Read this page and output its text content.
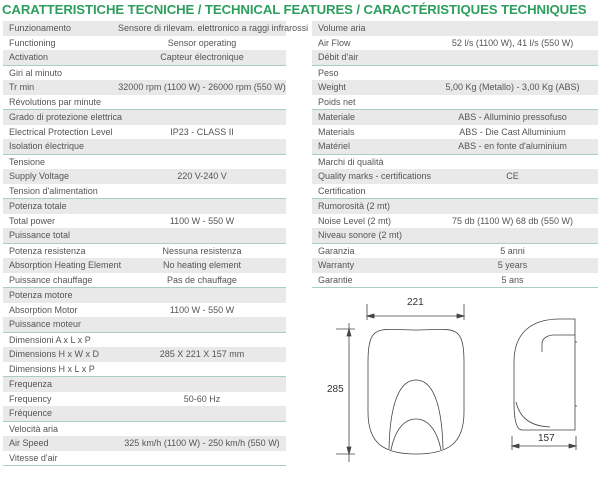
CARATTERISTICHE TECNICHE / TECHNICAL FEATURES / CARACTÉRISTIQUES TECHNIQUES
Funzionamento	Sensore di rilevam. elettronico a raggi infrarossi
Functioning	Sensor operating
Activation	Capteur électronique
Giri al minuto
Tr min	32000 rpm (1100 W) - 26000 rpm (550 W)
Révolutions par minute
Grado di protezione elettrica
Electrical Protection Level	IP23 - CLASS II
Isolation électrique
Tensione
Supply Voltage	220 V-240 V
Tension d'alimentation
Potenza totale
Total power	1100 W - 550 W
Puissance total
Potenza resistenza	Nessuna resistenza
Absorption Heating Element	No heating element
Puissance chauffage	Pas de chauffage
Potenza motore
Absorption Motor	1100 W - 550 W
Puissance moteur
Dimensioni A x L x P
Dimensions H x W x D	285 X 221 X 157 mm
Dimensions H x L x P
Frequenza
Frequency	50-60 Hz
Fréquence
Velocità aria
Air Speed	325 km/h (1100 W) - 250 km/h (550 W)
Vitesse d'air
Volume aria
Air Flow	52 l/s (1100 W), 41 l/s (550 W)
Débit d'air
Peso
Weight	5,00 Kg (Metallo) - 3,00 Kg (ABS)
Poids net
Materiale	ABS - Alluminio pressofuso
Materials	ABS - Die Cast Alluminium
Matériel	ABS - en fonte d'aluminium
Marchi di qualità
Quality marks - certifications	CE
Certification
Rumorosità (2 mt)
Noise Level (2 mt)	75 db (1100 W) 68 db (550 W)
Niveau sonore (2 mt)
Garanzia	5 anni
Warranty	5 years
Garantie	5 ans
221
285
157
